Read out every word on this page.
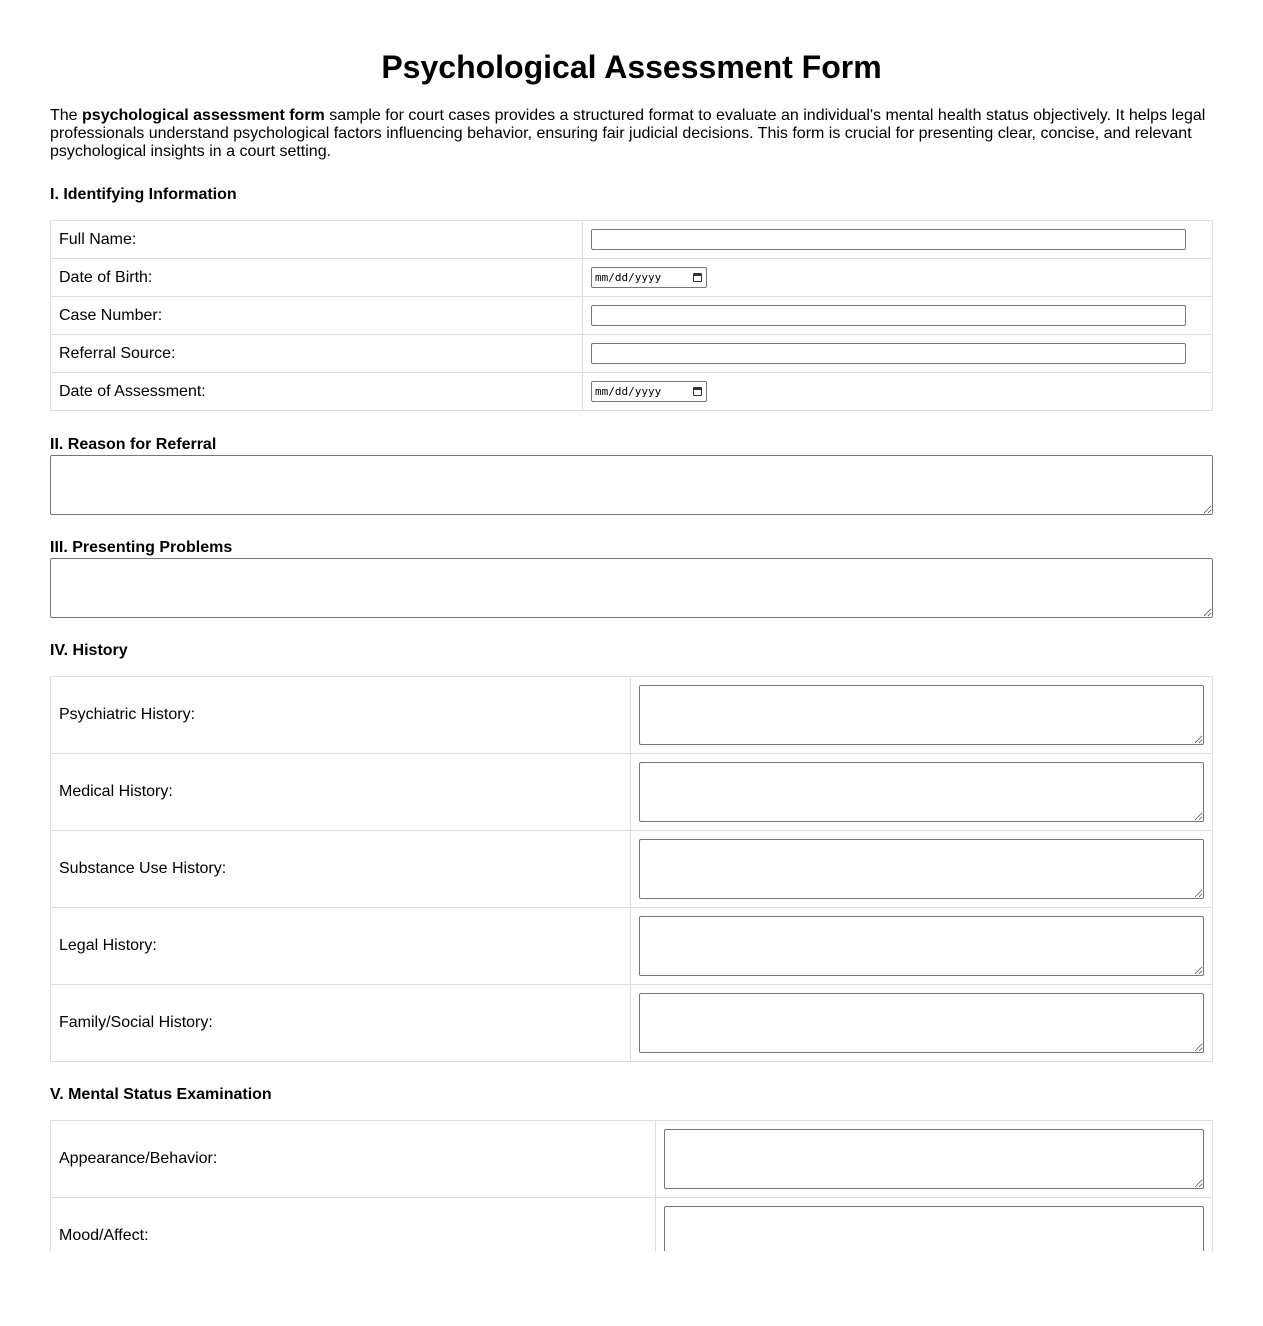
Psychological Assessment Form

The psychological assessment form sample for court cases provides a structured format to evaluate an individual's mental health status objectively. It helps legal professionals understand psychological factors influencing behavior, ensuring fair judicial decisions. This form is crucial for presenting clear, concise, and relevant psychological insights in a court setting.

I. Identifying Information
Full Name:	
Date of Birth:	mm/dd/yyyy

Case Number:	
Referral Source:	
Date of Assessment:	mm/dd/yyyy
II. Reason for Referral
III. Presenting Problems
IV. History
Psychiatric History:	

Medical History:	

Substance Use History:	

Legal History:	

Family/Social History:	
V. Mental Status Examination
Appearance/Behavior:	

Mood/Affect:	
